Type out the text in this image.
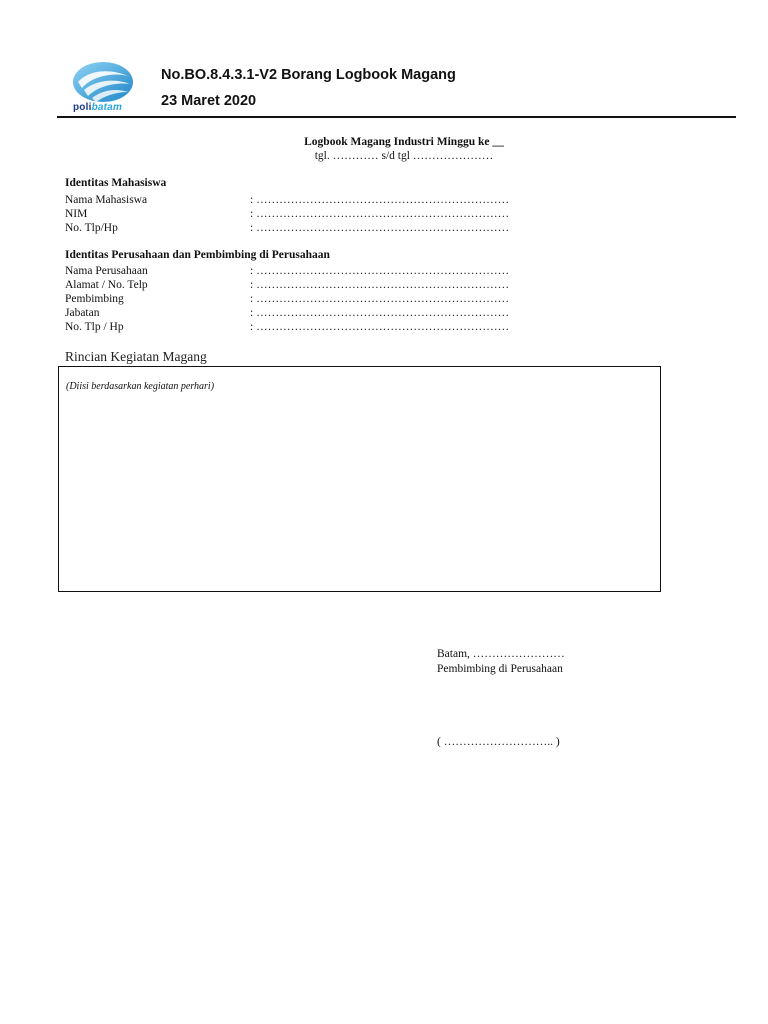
polibatam
No.BO.8.4.3.1-V2 Borang Logbook Magang
23 Maret 2020
Logbook Magang Industri Minggu ke __
tgl. ………… s/d tgl …………………
Identitas Mahasiswa
Nama Mahasiswa	: …………………………………………………………
NIM	: …………………………………………………………
No. Tlp/Hp	: …………………………………………………………
Identitas Perusahaan dan Pembimbing di Perusahaan
Nama Perusahaan	: …………………………………………………………
Alamat / No. Telp	: …………………………………………………………
Pembimbing	: …………………………………………………………
Jabatan	: …………………………………………………………
No. Tlp / Hp	: …………………………………………………………
Rincian Kegiatan Magang
(Diisi berdasarkan kegiatan perhari)
Batam, ……………………
Pembimbing di Perusahaan
( ……………………….. )
